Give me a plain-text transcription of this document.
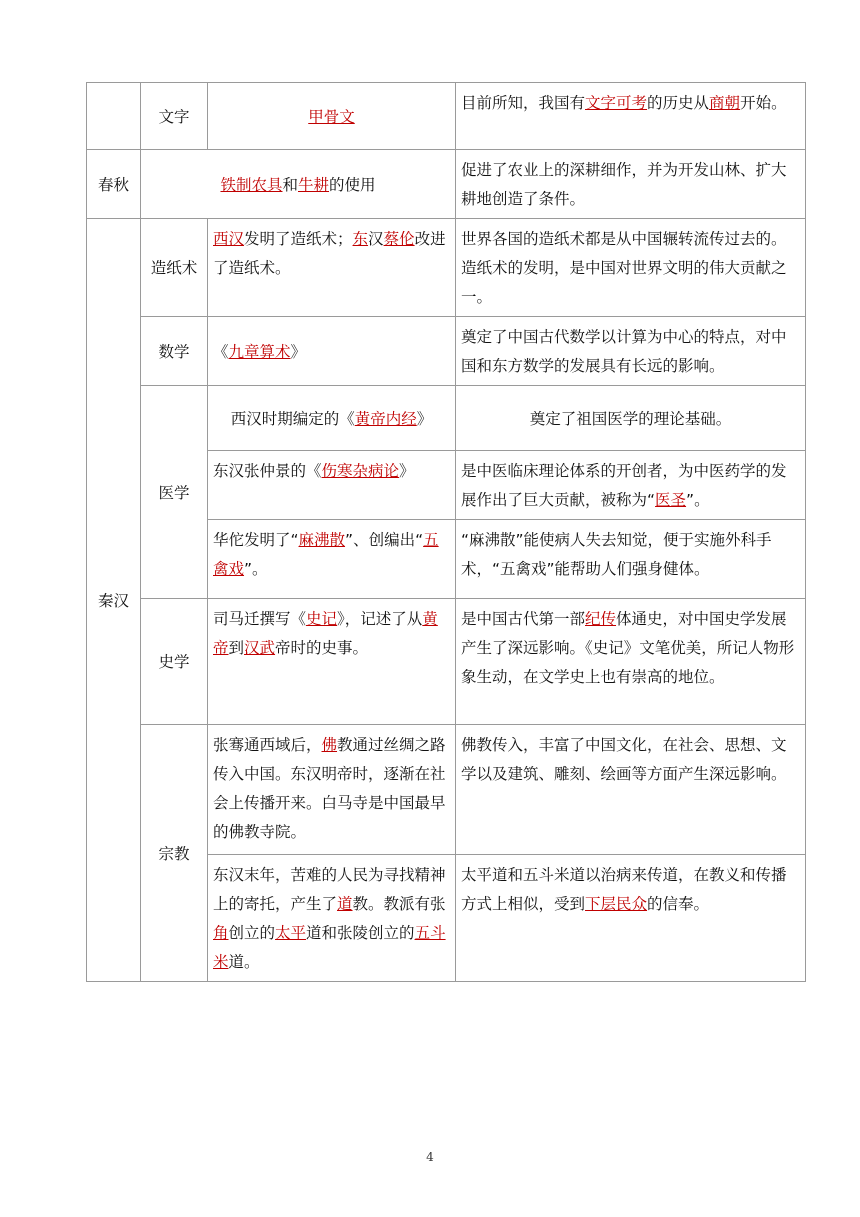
	文字	甲骨文	目前所知，我国有文字可考的历史从商朝开始。
春秋	铁制农具和牛耕的使用		促进了农业上的深耕细作，并为开发山林、扩大耕地创造了条件。
秦汉	造纸术	西汉发明了造纸术；东汉蔡伦改进了造纸术。	世界各国的造纸术都是从中国辗转流传过去的。造纸术的发明，是中国对世界文明的伟大贡献之一。
	数学	《九章算术》	奠定了中国古代数学以计算为中心的特点，对中国和东方数学的发展具有长远的影响。
	医学	西汉时期编定的《黄帝内经》	奠定了祖国医学的理论基础。
		东汉张仲景的《伤寒杂病论》	是中医临床理论体系的开创者，为中医药学的发展作出了巨大贡献，被称为“医圣”。
		华佗发明了“麻沸散”、创编出“五禽戏”。	“麻沸散”能使病人失去知觉，便于实施外科手术，“五禽戏”能帮助人们强身健体。
	史学	司马迁撰写《史记》，记述了从黄帝到汉武帝时的史事。	是中国古代第一部纪传体通史，对中国史学发展产生了深远影响。《史记》文笔优美，所记人物形象生动，在文学史上也有崇高的地位。
	宗教	张骞通西域后，佛教通过丝绸之路传入中国。东汉明帝时，逐渐在社会上传播开来。白马寺是中国最早的佛教寺院。	佛教传入，丰富了中国文化，在社会、思想、文学以及建筑、雕刻、绘画等方面产生深远影响。
		东汉末年，苦难的人民为寻找精神上的寄托，产生了道教。教派有张角创立的太平道和张陵创立的五斗米道。	太平道和五斗米道以治病来传道，在教义和传播方式上相似，受到下层民众的信奉。
4
